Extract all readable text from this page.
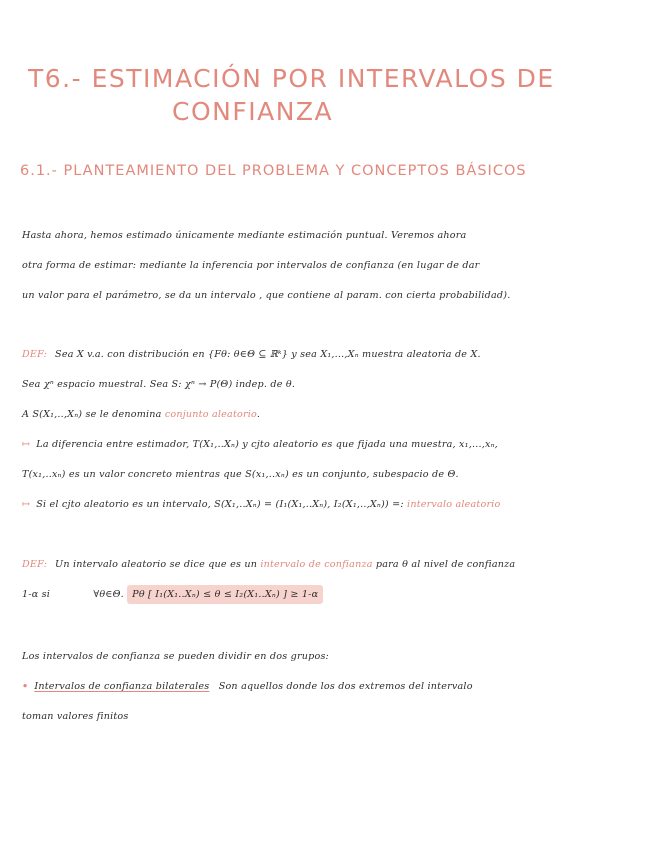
T6.- ESTIMACIÓN POR INTERVALOS DE
CONFIANZA
6.1.- PLANTEAMIENTO DEL PROBLEMA Y CONCEPTOS BÁSICOS
Hasta ahora, hemos estimado únicamente mediante estimación puntual. Veremos ahora
otra forma de estimar: mediante la inferencia por intervalos de confianza (en lugar de dar
un valor para el parámetro, se da un intervalo , que contiene al param. con cierta probabilidad).
DEF: Sea X v.a. con distribución en {Fθ: θ∈Θ ⊆ ℝᵏ} y sea X₁,...,Xₙ muestra aleatoria de X.
Sea χⁿ espacio muestral. Sea S: χⁿ → P(Θ) indep. de θ.
A S(X₁,..,Xₙ) se le denomina conjunto aleatorio.
↦ La diferencia entre estimador, T(X₁,..Xₙ) y cjto aleatorio es que fijada una muestra, x₁,...,xₙ,
T(x₁,..xₙ) es un valor concreto mientras que S(x₁,..xₙ) es un conjunto, subespacio de Θ.
↦ Si el cjto aleatorio es un intervalo, S(X₁,..Xₙ) = (I₁(X₁,..Xₙ), I₂(X₁,..,Xₙ)) =: intervalo aleatorio
DEF: Un intervalo aleatorio se dice que es un intervalo de confianza para θ al nivel de confianza
1-α si	∀θ∈Θ. Pθ [ I₁(X₁..Xₙ) ≤ θ ≤ I₂(X₁..Xₙ) ] ≥ 1-α
Los intervalos de confianza se pueden dividir en dos grupos:
• Intervalos de confianza bilaterales Son aquellos donde los dos extremos del intervalo
toman valores finitos
